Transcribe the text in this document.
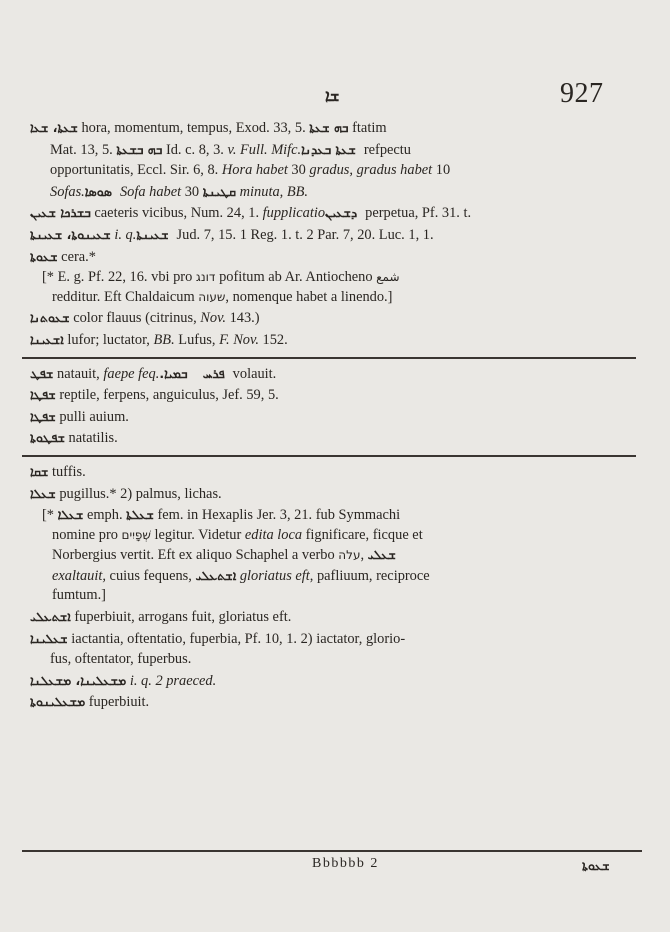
ܫܐ	927
ܫܥܬܐ، ܫܥܐ hora, momentum, tempus, Exod. 33, 5. ܒܗ ܫܥܬܐ ftatim
Mat. 13, 5. ܒܗ ܒܫܥܬܐ Id. c. 8, 3. v. Full. Mifc. ܫܥܬܐ ܒܥܕܢܐ refpectu
opportunitatis, Eccl. Sir. 6, 8. Hora habet 30 gradus, gradus habet 10
Sofas. ܣܘܣܐ Sofa habet 30 ܩܛܝܢܬܐ minuta, BB.
ܒܫܪܟܐ ܫܥܝܢ caeteris vicibus, Num. 24, 1. fupplicatio ܕܫܥܝܢ perpetua, Pf. 31. t.
ܫܥܝܢܘܬܐ، ܫܥܝܢܬܐ i. q. ܫܥܝܢܬܐ Jud. 7, 15. 1 Reg. 1. t. 2 Par. 7, 20. Luc. 1, 1.
ܫܥܘܬܐ cera.*
[* E. g. Pf. 22, 16. vbi pro דונג pofitum ab Ar. Antiocheno شمع
redditur. Eft Chaldaicum שעוה, nomenque habet a linendo.]
ܫܥܘܬܢܐ color flauus (citrinus, Nov. 143.)
ܐܫܥܝܢܐ lufor; luctator, BB. Lufus, F. Nov. 152.
ܫܦܛ natauit, faepe feq. ܒܡܝܐ.    ܦܪܚ volauit.
ܫܦܛܐ reptile, ferpens, anguiculus, Jef. 59, 5.
ܫܦܛܐ pulli auium.
ܫܦܛܘܬܐ natatilis.
ܫܩܐ tuffis.
ܫܥܠܐ pugillus.* 2) palmus, lichas.
[* ܫܥܠܐ emph. ܫܥܠܬܐ fem. in Hexaplis Jer. 3, 21. fub Symmachi
nomine pro שְׁפָיִים legitur. Videtur edita loca fignificare, ficque et
Norbergius vertit. Eft ex aliquo Schaphel a verbo עלה, ܫܥܠܝ
exaltauit, cuius fequens, ܐܫܬܥܠܝ gloriatus eft, pafliuum, reciproce
fumtum.]
ܐܫܬܥܠܝ fuperbiuit, arrogans fuit, gloriatus eft.
ܫܥܠܝܢܐ iactantia, oftentatio, fuperbia, Pf. 10, 1. 2) iactator, glorio-
fus, oftentator, fuperbus.
ܡܫܥܠܝܢܐ، ܡܫܥܠܢܐ i. q. 2 praeced.
ܡܫܥܠܝܢܘܬܐ fuperbiuit.
Bbbbbb 2	ܫܥܘܬܐ
